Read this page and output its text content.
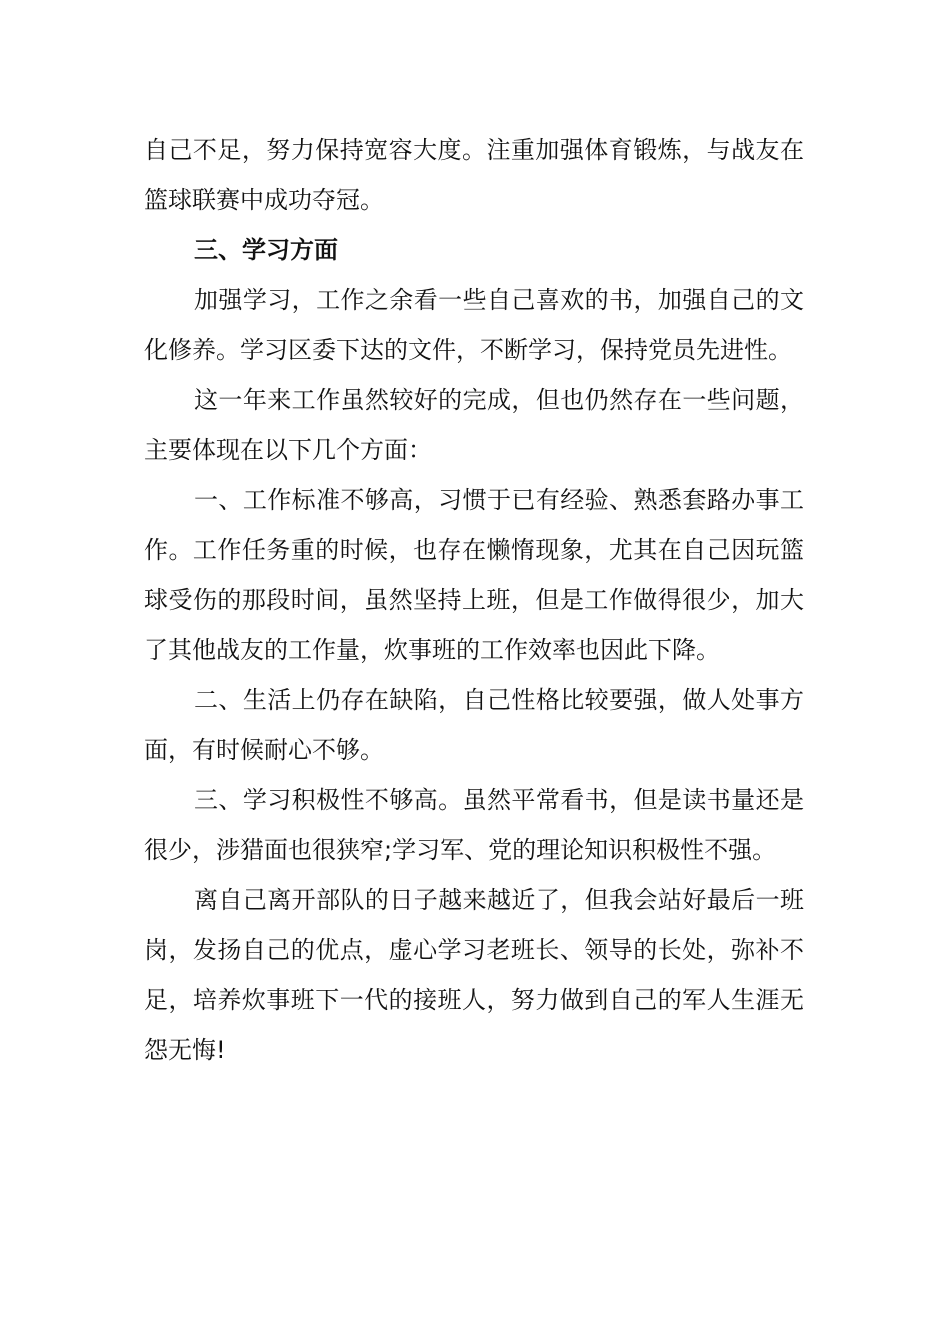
自己不足，努力保持宽容大度。注重加强体育锻炼，与战友在篮球联赛中成功夺冠。

三、学习方面

加强学习，工作之余看一些自己喜欢的书，加强自己的文化修养。学习区委下达的文件，不断学习，保持党员先进性。

这一年来工作虽然较好的完成，但也仍然存在一些问题，主要体现在以下几个方面：

一、工作标准不够高，习惯于已有经验、熟悉套路办事工作。工作任务重的时候，也存在懒惰现象，尤其在自己因玩篮球受伤的那段时间，虽然坚持上班，但是工作做得很少，加大了其他战友的工作量，炊事班的工作效率也因此下降。

二、生活上仍存在缺陷，自己性格比较要强，做人处事方面，有时候耐心不够。

三、学习积极性不够高。虽然平常看书，但是读书量还是很少，涉猎面也很狭窄;学习军、党的理论知识积极性不强。

离自己离开部队的日子越来越近了，但我会站好最后一班岗，发扬自己的优点，虚心学习老班长、领导的长处，弥补不足，培养炊事班下一代的接班人，努力做到自己的军人生涯无怨无悔!
